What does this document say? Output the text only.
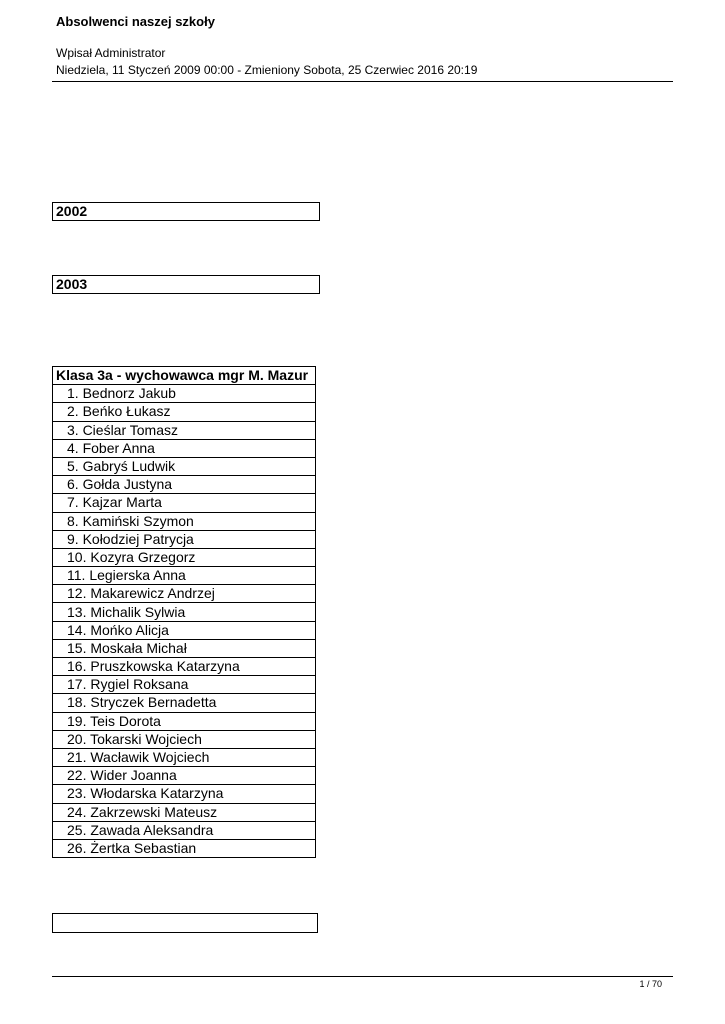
Absolwenci naszej szkoły
Wpisał Administrator
Niedziela, 11 Styczeń 2009 00:00 - Zmieniony Sobota, 25 Czerwiec 2016 20:19
2002
2003
Klasa 3a - wychowawca mgr M. Mazur
1. Bednorz Jakub
2. Beńko Łukasz
3. Cieślar Tomasz
4. Fober Anna
5. Gabryś Ludwik
6. Gołda Justyna
7. Kajzar Marta
8. Kamiński Szymon
9. Kołodziej Patrycja
10. Kozyra Grzegorz
11. Legierska Anna
12. Makarewicz Andrzej
13. Michalik Sylwia
14. Mońko Alicja
15. Moskała Michał
16. Pruszkowska Katarzyna
17. Rygiel Roksana
18. Stryczek Bernadetta
19. Teis Dorota
20. Tokarski Wojciech
21. Wacławik Wojciech
22. Wider Joanna
23. Włodarska Katarzyna
24. Zakrzewski Mateusz
25. Zawada Aleksandra
26. Żertka Sebastian
1 / 70
